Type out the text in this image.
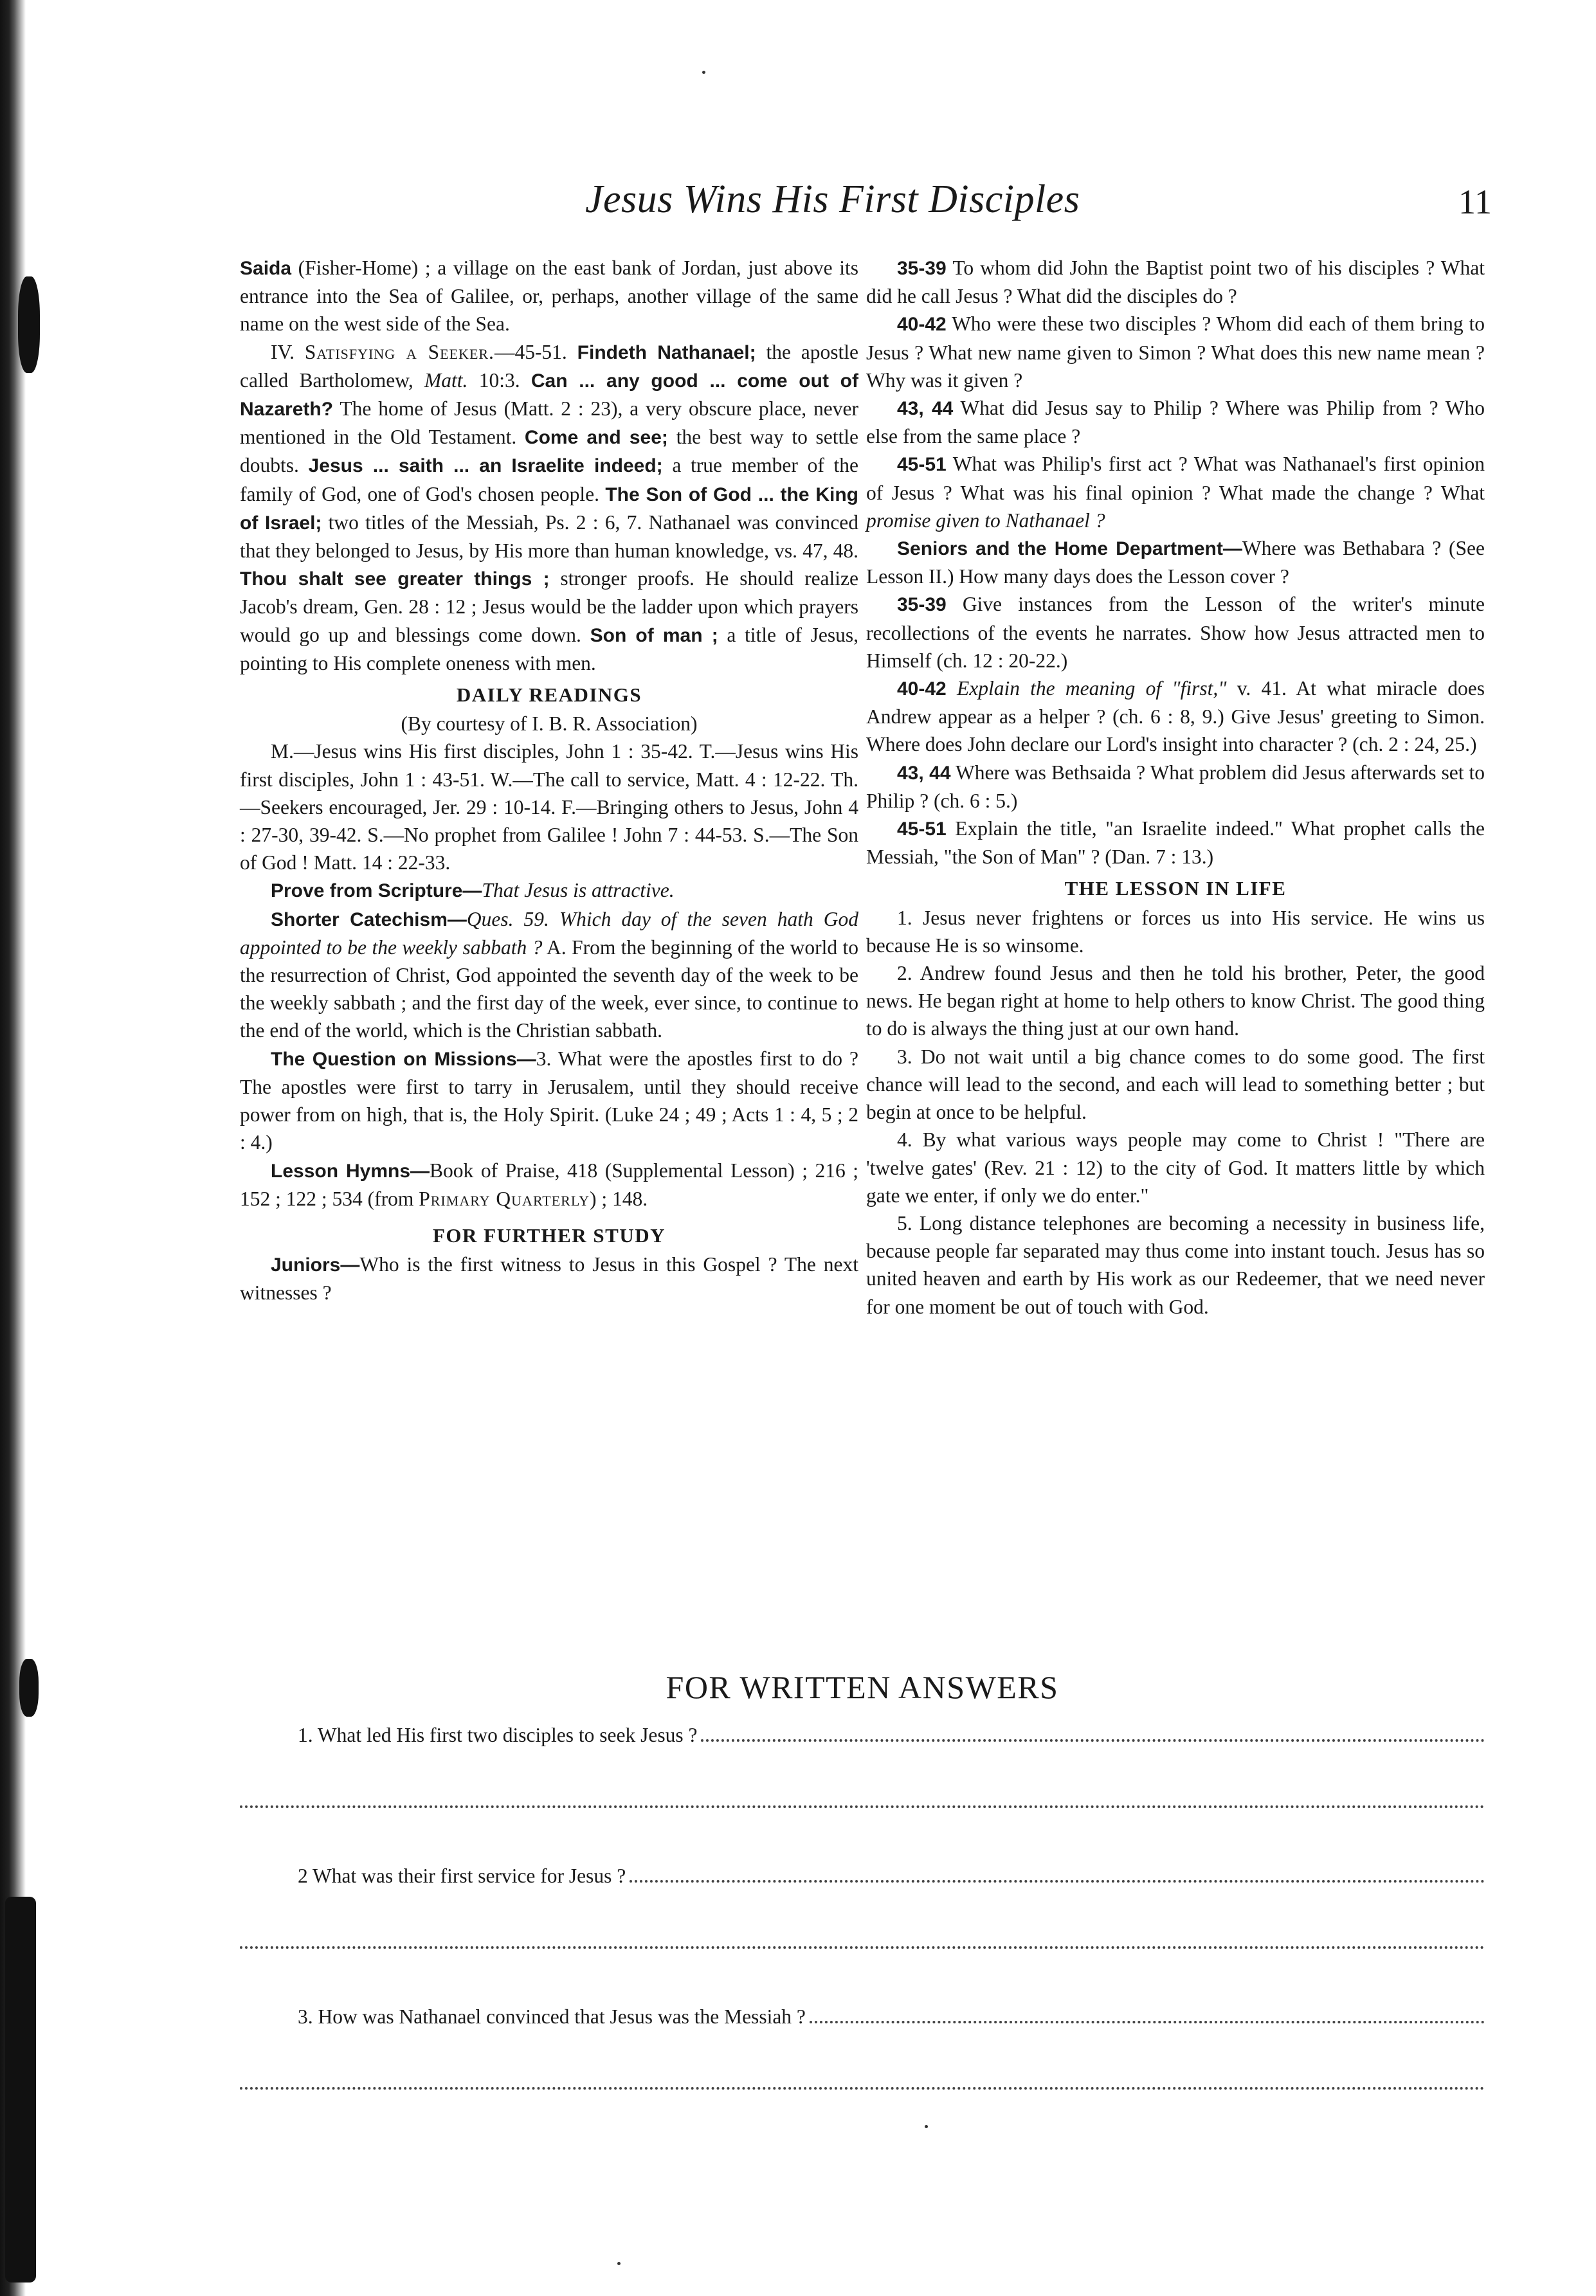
Jesus Wins His First Disciples	11

Saida (Fisher-Home) ; a village on the east bank of Jordan, just above its entrance into the Sea of Galilee, or, perhaps, another village of the same name on the west side of the Sea.

IV. Satisfying a Seeker.—45-51. Findeth Nathanael; the apostle called Bartholomew, Matt. 10:3. Can ... any good ... come out of Nazareth? The home of Jesus (Matt. 2 : 23), a very obscure place, never mentioned in the Old Testament. Come and see; the best way to settle doubts. Jesus ... saith ... an Israelite indeed; a true member of the family of God, one of God's chosen people. The Son of God ... the King of Israel; two titles of the Messiah, Ps. 2 : 6, 7. Nathanael was convinced that they belonged to Jesus, by His more than human knowledge, vs. 47, 48. Thou shalt see greater things ; stronger proofs. He should realize Jacob's dream, Gen. 28 : 12 ; Jesus would be the ladder upon which prayers would go up and blessings come down. Son of man ; a title of Jesus, pointing to His complete oneness with men.

DAILY READINGS
(By courtesy of I. B. R. Association)

M.—Jesus wins His first disciples, John 1 : 35-42. T.—Jesus wins His first disciples, John 1 : 43-51. W.—The call to service, Matt. 4 : 12-22. Th.—Seekers encouraged, Jer. 29 : 10-14. F.—Bringing others to Jesus, John 4 : 27-30, 39-42. S.—No prophet from Galilee ! John 7 : 44-53. S.—The Son of God ! Matt. 14 : 22-33.

Prove from Scripture—That Jesus is attractive.

Shorter Catechism—Ques. 59. Which day of the seven hath God appointed to be the weekly sabbath ? A. From the beginning of the world to the resurrection of Christ, God appointed the seventh day of the week to be the weekly sabbath ; and the first day of the week, ever since, to continue to the end of the world, which is the Christian sabbath.

The Question on Missions—3. What were the apostles first to do ? The apostles were first to tarry in Jerusalem, until they should receive power from on high, that is, the Holy Spirit. (Luke 24 ; 49 ; Acts 1 : 4, 5 ; 2 : 4.)

Lesson Hymns—Book of Praise, 418 (Supplemental Lesson) ; 216 ; 152 ; 122 ; 534 (from Primary Quarterly) ; 148.

FOR FURTHER STUDY

Juniors—Who is the first witness to Jesus in this Gospel ? The next witnesses ?

35-39 To whom did John the Baptist point two of his disciples ? What did he call Jesus ? What did the disciples do ?

40-42 Who were these two disciples ? Whom did each of them bring to Jesus ? What new name given to Simon ? What does this new name mean ? Why was it given ?

43, 44 What did Jesus say to Philip ? Where was Philip from ? Who else from the same place ?

45-51 What was Philip's first act ? What was Nathanael's first opinion of Jesus ? What was his final opinion ? What made the change ? What promise given to Nathanael ?

Seniors and the Home Department—Where was Bethabara ? (See Lesson II.) How many days does the Lesson cover ?

35-39 Give instances from the Lesson of the writer's minute recollections of the events he narrates. Show how Jesus attracted men to Himself (ch. 12 : 20-22.)

40-42 Explain the meaning of "first," v. 41. At what miracle does Andrew appear as a helper ? (ch. 6 : 8, 9.) Give Jesus' greeting to Simon. Where does John declare our Lord's insight into character ? (ch. 2 : 24, 25.)

43, 44 Where was Bethsaida ? What problem did Jesus afterwards set to Philip ? (ch. 6 : 5.)

45-51 Explain the title, "an Israelite indeed." What prophet calls the Messiah, "the Son of Man" ? (Dan. 7 : 13.)

THE LESSON IN LIFE

1. Jesus never frightens or forces us into His service. He wins us because He is so winsome.

2. Andrew found Jesus and then he told his brother, Peter, the good news. He began right at home to help others to know Christ. The good thing to do is always the thing just at our own hand.

3. Do not wait until a big chance comes to do some good. The first chance will lead to the second, and each will lead to something better ; but begin at once to be helpful.

4. By what various ways people may come to Christ ! "There are 'twelve gates' (Rev. 21 : 12) to the city of God. It matters little by which gate we enter, if only we do enter."

5. Long distance telephones are becoming a necessity in business life, because people far separated may thus come into instant touch. Jesus has so united heaven and earth by His work as our Redeemer, that we need never for one moment be out of touch with God.

FOR WRITTEN ANSWERS
1. What led His first two disciples to seek Jesus ?
2 What was their first service for Jesus ?
3. How was Nathanael convinced that Jesus was the Messiah ?
